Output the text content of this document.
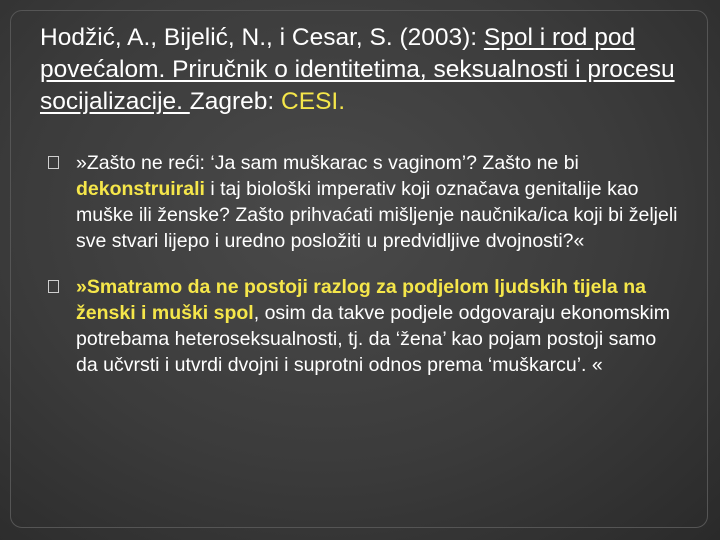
Hodžić, A., Bijelić, N., i Cesar, S. (2003): Spol i rod pod povećalom. Priručnik o identitetima, seksualnosti i procesu socijalizacije. Zagreb: CESI.
»Zašto ne reći: ‘Ja sam muškarac s vaginom’? Zašto ne bi dekonstruirali i taj biološki imperativ koji označava genitalije kao muške ili ženske? Zašto prihvaćati mišljenje naučnika/ica koji bi željeli sve stvari lijepo i uredno posložiti u predvidljive dvojnosti?«
»Smatramo da ne postoji razlog za podjelom ljudskih tijela na ženski i muški spol, osim da takve podjele odgovaraju ekonomskim potrebama heteroseksualnosti, tj. da ‘žena’ kao pojam postoji samo da učvrsti i utvrdi dvojni i suprotni odnos prema ‘muškarcu’. «
